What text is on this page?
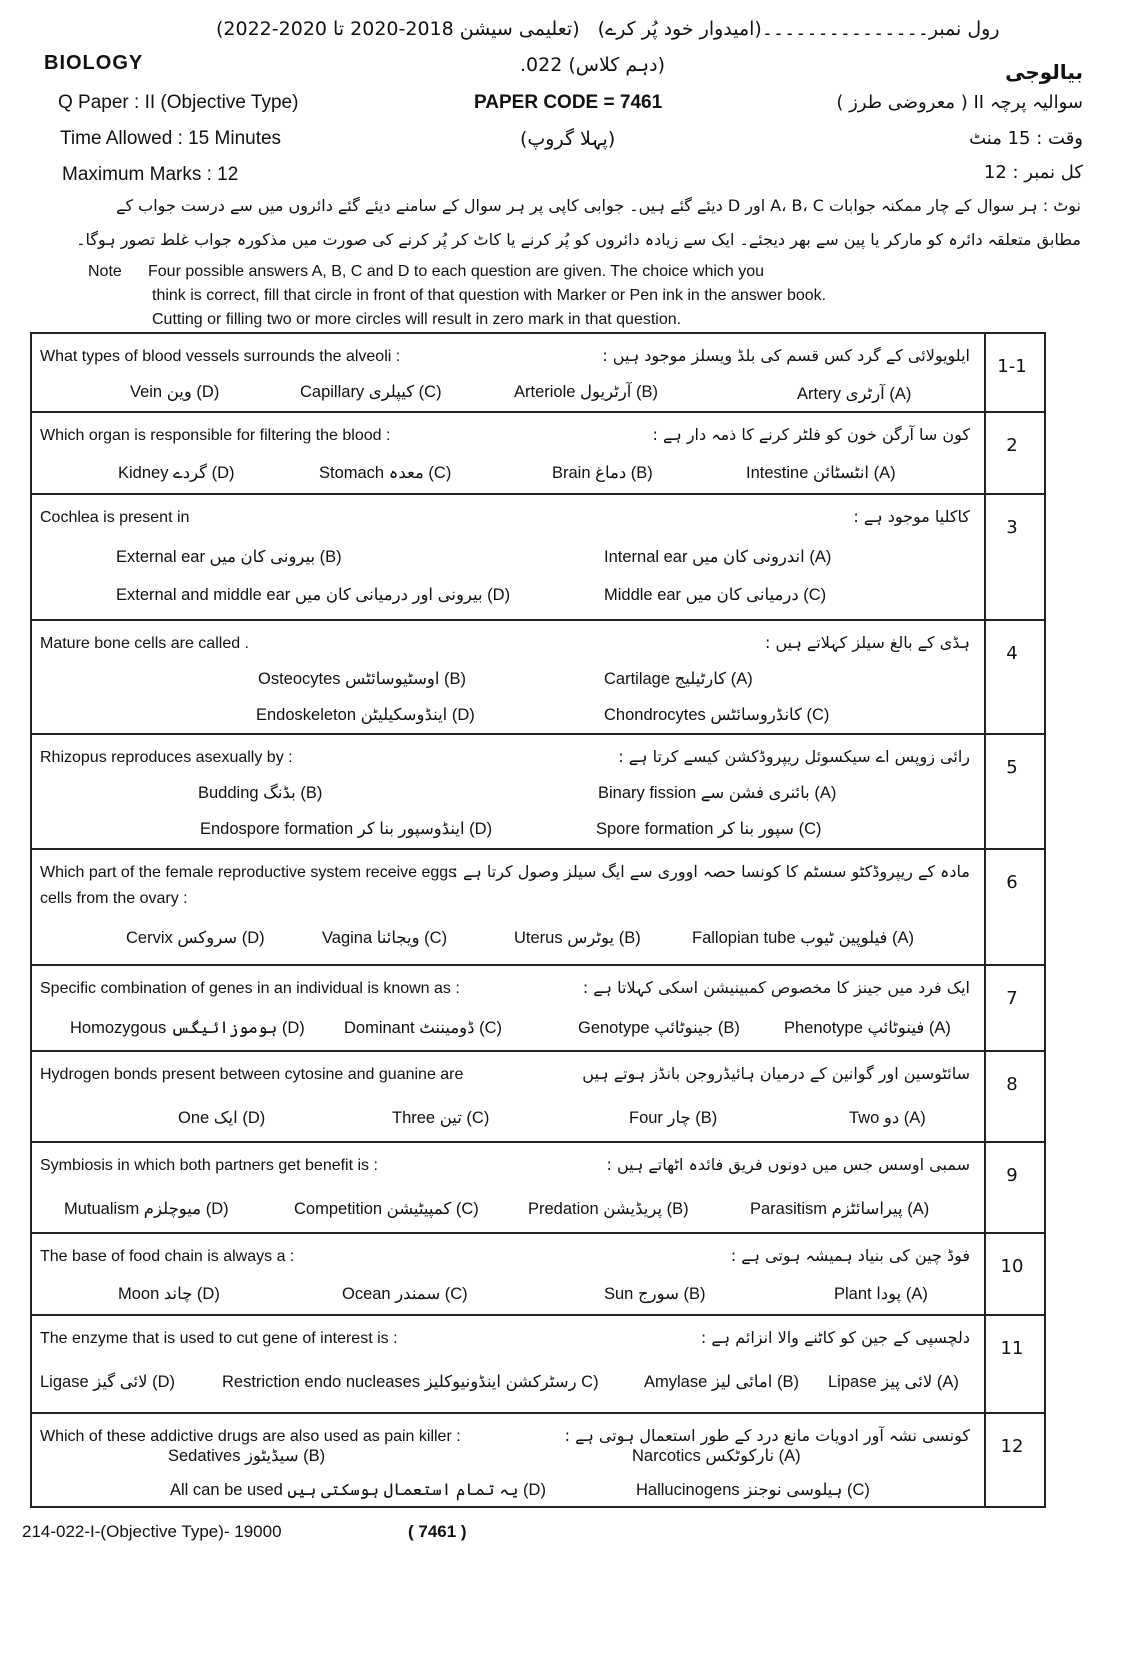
(تعلیمی سیشن 2018-2020 تا 2020-2022) رول نمبر۔۔۔۔۔۔۔۔۔۔۔۔۔۔۔(امیدوار خود پُر کرے)
BIOLOGY
Q Paper : II (Objective Type)
Time Allowed : 15 Minutes
Maximum Marks : 12
.022 (دہم کلاس)
PAPER CODE = 7461
(پہلا گروپ)
بیالوجی
سوالیہ پرچہ II ( معروضی طرز )
وقت : 15 منٹ
کل نمبر : 12
نوٹ : ہر سوال کے چار ممکنہ جوابات A، B، C اور D دیئے گئے ہیں۔ جوابی کاپی پر ہر سوال کے سامنے دیئے گئے دائروں میں سے درست جواب کے
مطابق متعلقہ دائرہ کو مارکر یا پین سے بھر دیجئے۔ ایک سے زیادہ دائروں کو پُر کرنے یا کاٹ کر پُر کرنے کی صورت میں مذکورہ جواب غلط تصور ہوگا۔
Note Four possible answers A, B, C and D to each question are given. The choice which you
think is correct, fill that circle in front of that question with Marker or Pen ink in the answer book.
Cutting or filling two or more circles will result in zero mark in that question.
What types of blood vessels surrounds the alveoli :	ایلویولائی کے گرد کس قسم کی بلڈ ویسلز موجود ہیں :
1-1
Vein وین (D)	Capillary کیپلری (C)	Arteriole آرٹریول (B)	Artery آرٹری (A)
Which organ is responsible for filtering the blood :	کون سا آرگن خون کو فلٹر کرنے کا ذمہ دار ہے :
2
Kidney گردے (D)	Stomach معدہ (C)	Brain دماغ (B)	Intestine انٹسٹائن (A)
Cochlea is present in	کاکلیا موجود ہے :
3
External ear بیرونی کان میں (B)	Internal ear اندرونی کان میں (A)
External and middle ear بیرونی اور درمیانی کان میں (D)	Middle ear درمیانی کان میں (C)
Mature bone cells are called .	ہڈی کے بالغ سیلز کہلاتے ہیں :
4
Osteocytes اوسٹیوسائٹس (B)	Cartilage کارٹیلیج (A)
Endoskeleton اینڈوسکیلیٹن (D)	Chondrocytes کانڈروسائٹس (C)
Rhizopus reproduces asexually by :	رائی زوپس اے سیکسوئل ریپروڈکشن کیسے کرتا ہے :
5
Budding بڈنگ (B)	Binary fission بائنری فشن سے (A)
Endospore formation اینڈوسپور بنا کر (D)	Spore formation سپور بنا کر (C)
Which part of the female reproductive system receive eggs
cells from the ovary :
مادہ کے ریپروڈکٹو سسٹم کا کونسا حصہ اووری سے ایگ سیلز وصول کرتا ہے :
6
Cervix سروکس (D)	Vagina ویجائنا (C)	Uterus یوٹرس (B)	Fallopian tube فیلوپین ٹیوب (A)
Specific combination of genes in an individual is known as :	ایک فرد میں جینز کا مخصوص کمبینیشن اسکی کہلاتا ہے :
7
Homozygous ہوموزائیگس (D) Dominant ڈومیننٹ (C)	Genotype جینوٹائپ (B)	Phenotype فینوٹائپ (A)
Hydrogen bonds present between cytosine and guanine are	سائٹوسین اور گوانین کے درمیان ہائیڈروجن بانڈز ہوتے ہیں
8
One ایک (D)	Three تین (C)	Four چار (B)	Two دو (A)
Symbiosis in which both partners get benefit is :	سمبی اوسس جس میں دونوں فریق فائدہ اٹھاتے ہیں :
9
Mutualism میوچلزم (D)	Competition کمپیٹیشن (C)	Predation پریڈیشن (B)	Parasitism پیراسائٹزم (A)
The base of food chain is always a :	فوڈ چین کی بنیاد ہمیشہ ہوتی ہے :
10
Moon چاند (D)	Ocean سمندر (C)	Sun سورج (B)	Plant پودا (A)
The enzyme that is used to cut gene of interest is :	دلچسپی کے جین کو کاٹنے والا انزائم ہے :
11
Ligase لائی گیز (D)	Restriction endo nucleases رسٹرکشن اینڈونیوکلیز C)	Amylase امائی لیز (B) Lipase لائی پیز (A)
Which of these addictive drugs are also used as pain killer :	کونسی نشہ آور ادویات مانع درد کے طور استعمال ہوتی ہے :
12
Sedatives سیڈیٹوز (B)	Narcotics نارکوٹکس (A)
All can be used یہ تمام استعمال ہوسکتی ہیں (D)	Hallucinogens ہیلوسی نوجنز (C)
214-022-I-(Objective Type)- 19000	( 7461 )
